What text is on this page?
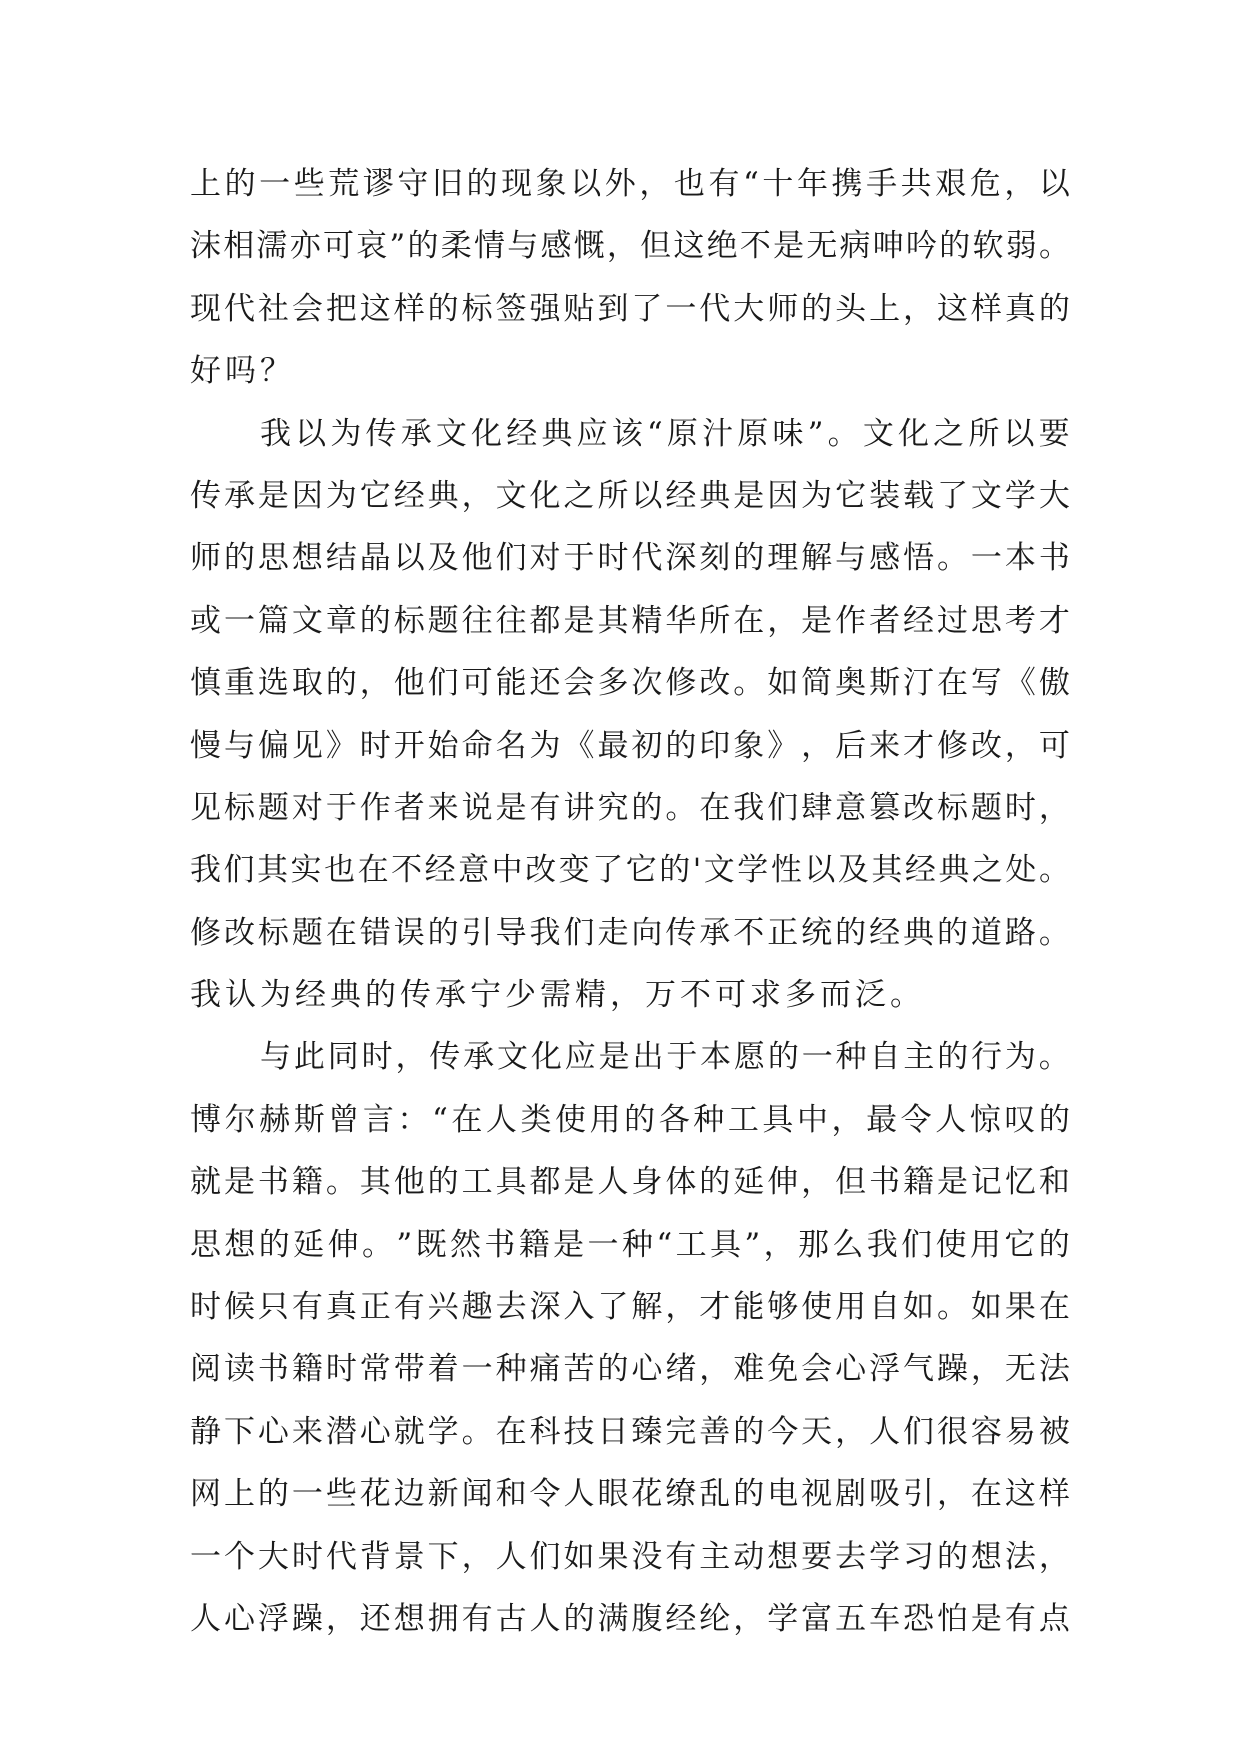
上 的 一 些 荒 谬 守 旧 的 现 象 以 外 ， 也 有 “ 十 年 携 手 共 艰 危 ， 以
沫 相 濡 亦 可 哀 ” 的 柔 情 与 感 慨 ， 但 这 绝 不 是 无 病 呻 吟 的 软 弱 。
现 代 社 会 把 这 样 的 标 签 强 贴 到 了 一 代 大 师 的 头 上 ， 这 样 真 的
好 吗 ？
我 以 为 传 承 文 化 经 典 应 该 “ 原 汁 原 味 ” 。 文 化 之 所 以 要
传 承 是 因 为 它 经 典 ， 文 化 之 所 以 经 典 是 因 为 它 装 载 了 文 学 大
师 的 思 想 结 晶 以 及 他 们 对 于 时 代 深 刻 的 理 解 与 感 悟 。 一 本 书
或 一 篇 文 章 的 标 题 往 往 都 是 其 精 华 所 在 ， 是 作 者 经 过 思 考 才
慎 重 选 取 的 ， 他 们 可 能 还 会 多 次 修 改 。 如 简 奥 斯 汀 在 写 《 傲
慢 与 偏 见 》 时 开 始 命 名 为 《 最 初 的 印 象 》 ， 后 来 才 修 改 ， 可
见 标 题 对 于 作 者 来 说 是 有 讲 究 的 。 在 我 们 肆 意 篡 改 标 题 时 ，
我 们 其 实 也 在 不 经 意 中 改 变 了 它 的 ' 文 学 性 以 及 其 经 典 之 处 。
修 改 标 题 在 错 误 的 引 导 我 们 走 向 传 承 不 正 统 的 经 典 的 道 路 。
我 认 为 经 典 的 传 承 宁 少 需 精 ， 万 不 可 求 多 而 泛 。
与 此 同 时 ， 传 承 文 化 应 是 出 于 本 愿 的 一 种 自 主 的 行 为 。
博 尔 赫 斯 曾 言 ： “ 在 人 类 使 用 的 各 种 工 具 中 ， 最 令 人 惊 叹 的
就 是 书 籍 。 其 他 的 工 具 都 是 人 身 体 的 延 伸 ， 但 书 籍 是 记 忆 和
思 想 的 延 伸 。 ” 既 然 书 籍 是 一 种 “ 工 具 ” ， 那 么 我 们 使 用 它 的
时 候 只 有 真 正 有 兴 趣 去 深 入 了 解 ， 才 能 够 使 用 自 如 。 如 果 在
阅 读 书 籍 时 常 带 着 一 种 痛 苦 的 心 绪 ， 难 免 会 心 浮 气 躁 ， 无 法
静 下 心 来 潜 心 就 学 。 在 科 技 日 臻 完 善 的 今 天 ， 人 们 很 容 易 被
网 上 的 一 些 花 边 新 闻 和 令 人 眼 花 缭 乱 的 电 视 剧 吸 引 ， 在 这 样
一 个 大 时 代 背 景 下 ， 人 们 如 果 没 有 主 动 想 要 去 学 习 的 想 法 ，
人 心 浮 躁 ， 还 想 拥 有 古 人 的 满 腹 经 纶 ， 学 富 五 车 恐 怕 是 有 点
